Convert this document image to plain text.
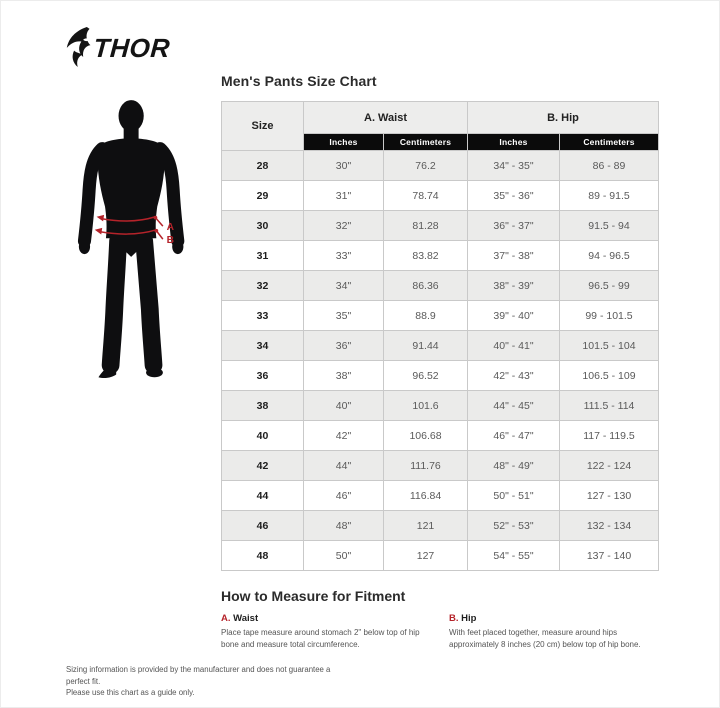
THOR
A
B
Men's Pants Size Chart
Size	A. Waist		B. Hip	
	Inches	Centimeters	Inches	Centimeters
28	30"	76.2	34" - 35"	86 - 89
29	31"	78.74	35" - 36"	89 - 91.5
30	32"	81.28	36" - 37"	91.5 - 94
31	33"	83.82	37" - 38"	94 - 96.5
32	34"	86.36	38" - 39"	96.5 - 99
33	35"	88.9	39" - 40"	99 - 101.5
34	36"	91.44	40" - 41"	101.5 - 104
36	38"	96.52	42" - 43"	106.5 - 109
38	40"	101.6	44" - 45"	111.5 - 114
40	42"	106.68	46" - 47"	117 - 119.5
42	44"	111.76	48" - 49"	122 - 124
44	46"	116.84	50" - 51"	127 - 130
46	48"	121	52" - 53"	132 - 134
48	50"	127	54" - 55"	137 - 140
How to Measure for Fitment
A. Waist

Place tape measure around stomach 2" below top of hip bone and measure total circumference.

B. Hip

With feet placed together, measure around hips approximately 8 inches (20 cm) below top of hip bone.

Sizing information is provided by the manufacturer and does not guarantee a perfect fit.
Please use this chart as a guide only.
